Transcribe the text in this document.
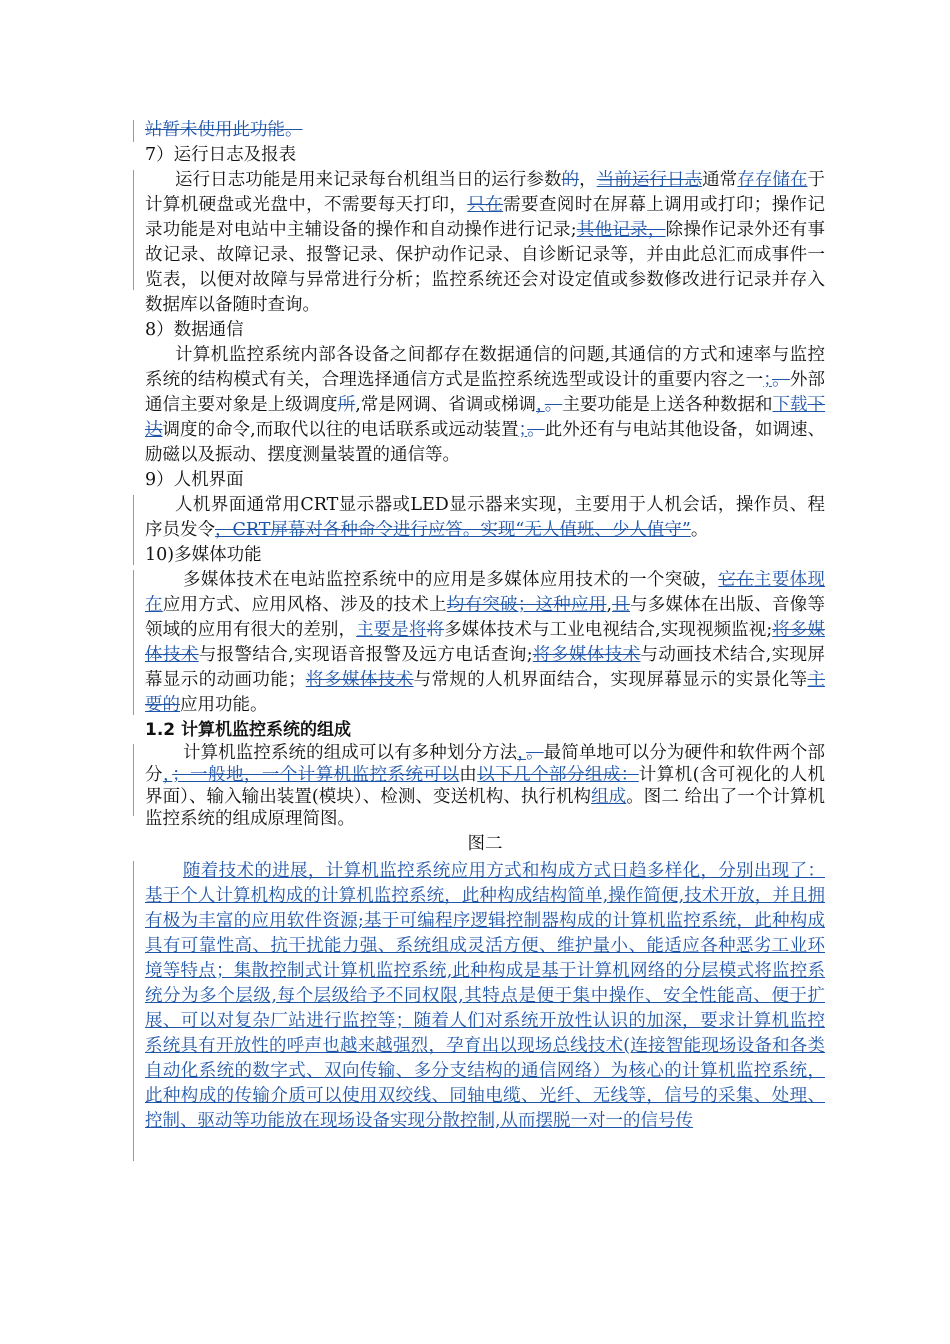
站暂未使用此功能。

7）运行日志及报表

运行日志功能是用来记录每台机组当日的运行参数的，当前运行日志通常存存储在于计算机硬盘或光盘中，不需要每天打印，只在需要查阅时在屏幕上调用或打印；操作记录功能是对电站中主辅设备的操作和自动操作进行记录;其他记录，除操作记录外还有事故记录、故障记录、报警记录、保护动作记录、自诊断记录等，并由此总汇而成事件一览表，以便对故障与异常进行分析；监控系统还会对设定值或参数修改进行记录并存入数据库以备随时查询。

8）数据通信

计算机监控系统内部各设备之间都存在数据通信的问题,其通信的方式和速率与监控系统的结构模式有关，合理选择通信方式是监控系统选型或设计的重要内容之一；。外部通信主要对象是上级调度所,常是网调、省调或梯调，。主要功能是上送各种数据和下载下达调度的命令,而取代以往的电话联系或远动装置；。此外还有与电站其他设备，如调速、励磁以及振动、摆度测量装置的通信等。

9）人机界面

人机界面通常用CRT显示器或LED显示器来实现，主要用于人机会话，操作员、程序员发令，CRT屏幕对各种命令进行应答。实现“无人值班、少人值守”。

10)多媒体功能

多媒体技术在电站监控系统中的应用是多媒体应用技术的一个突破，它在主要体现在应用方式、应用风格、涉及的技术上均有突破；这种应用,且与多媒体在出版、音像等领域的应用有很大的差别，主要是将将多媒体技术与工业电视结合,实现视频监视;将多媒体技术与报警结合,实现语音报警及远方电话查询;将多媒体技术与动画技术结合,实现屏幕显示的动画功能；将多媒体技术与常规的人机界面结合，实现屏幕显示的实景化等主要的应用功能。

1.2 计算机监控系统的组成

计算机监控系统的组成可以有多种划分方法，。最简单地可以分为硬件和软件两个部分，；一般地，一个计算机监控系统可以由以下几个部分组成：计算机(含可视化的人机界面）、输入输出装置(模块）、检测、变送机构、执行机构组成。图二 给出了一个计算机监控系统的组成原理简图。

图二

随着技术的进展，计算机监控系统应用方式和构成方式日趋多样化，分别出现了：基于个人计算机构成的计算机监控系统，此种构成结构简单,操作简便,技术开放，并且拥有极为丰富的应用软件资源;基于可编程序逻辑控制器构成的计算机监控系统，此种构成具有可靠性高、抗干扰能力强、系统组成灵活方便、维护量小、能适应各种恶劣工业环境等特点；集散控制式计算机监控系统,此种构成是基于计算机网络的分层模式将监控系统分为多个层级,每个层级给予不同权限,其特点是便于集中操作、安全性能高、便于扩展、可以对复杂厂站进行监控等；随着人们对系统开放性认识的加深，要求计算机监控系统具有开放性的呼声也越来越强烈，孕育出以现场总线技术(连接智能现场设备和各类自动化系统的数字式、双向传输、多分支结构的通信网络）为核心的计算机监控系统，此种构成的传输介质可以使用双绞线、同轴电缆、光纤、无线等，信号的采集、处理、控制、驱动等功能放在现场设备实现分散控制,从而摆脱一对一的信号传
